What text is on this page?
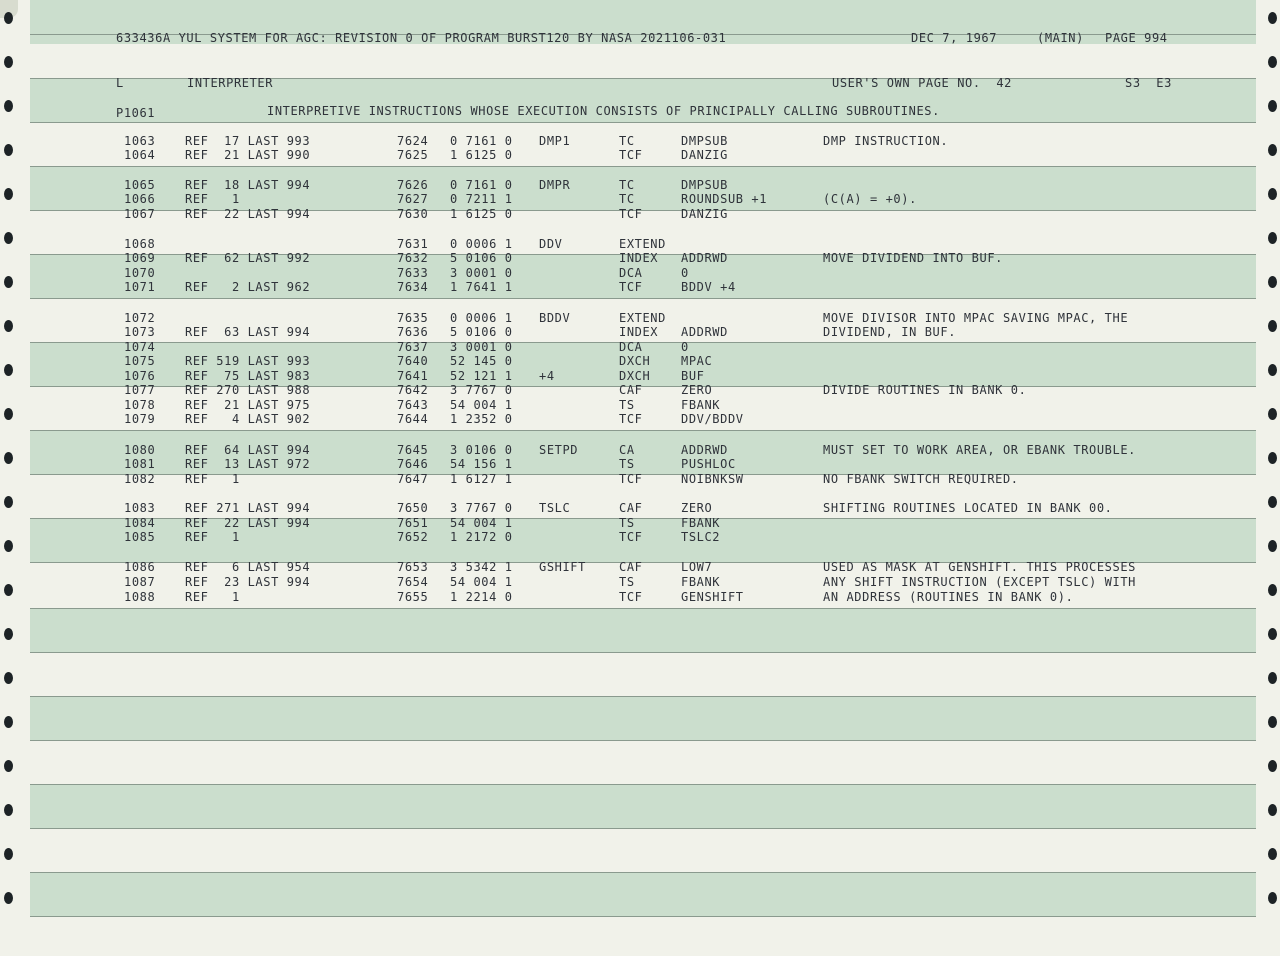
633436A YUL SYSTEM FOR AGC: REVISION 0 OF PROGRAM BURST120 BY NASA 2021106-031	DEC 7, 1967	(MAIN) PAGE 994
L	INTERPRETER	USER'S OWN PAGE NO.  42	S3  E3
P1061	INTERPRETIVE INSTRUCTIONS WHOSE EXECUTION CONSISTS OF PRINCIPALLY CALLING SUBROUTINES.
1063 REF  17 LAST 993	7624 0 7161 0 DMP1	TC	DMPSUB	DMP INSTRUCTION.
1064 REF  21 LAST 990	7625 1 6125 0	TCF	DANZIG
1065 REF  18 LAST 994	7626 0 7161 0 DMPR	TC	DMPSUB
1066 REF   1	7627 0 7211 1	TC	ROUNDSUB +1	(C(A) = +0).
1067 REF  22 LAST 994	7630 1 6125 0	TCF	DANZIG
1068	7631 0 0006 1 DDV	EXTEND
1069 REF  62 LAST 992	7632 5 0106 0	INDEX ADDRWD	MOVE DIVIDEND INTO BUF.
1070	7633 3 0001 0	DCA	0
1071 REF   2 LAST 962	7634 1 7641 1	TCF	BDDV +4
1072	7635 0 0006 1 BDDV	EXTEND	MOVE DIVISOR INTO MPAC SAVING MPAC, THE
1073 REF  63 LAST 994	7636 5 0106 0	INDEX ADDRWD	DIVIDEND, IN BUF.
1074	7637 3 0001 0	DCA	0
1075 REF 519 LAST 993	7640 52 145 0	DXCH	MPAC
1076 REF  75 LAST 983	7641 52 121 1 +4	DXCH	BUF
1077 REF 270 LAST 988	7642 3 7767 0	CAF	ZERO	DIVIDE ROUTINES IN BANK 0.
1078 REF  21 LAST 975	7643 54 004 1	TS	FBANK
1079 REF   4 LAST 902	7644 1 2352 0	TCF	DDV/BDDV
1080 REF  64 LAST 994	7645 3 0106 0 SETPD	CA	ADDRWD	MUST SET TO WORK AREA, OR EBANK TROUBLE.
1081 REF  13 LAST 972	7646 54 156 1	TS	PUSHLOC
1082 REF   1	7647 1 6127 1	TCF	NOIBNKSW	NO FBANK SWITCH REQUIRED.
1083 REF 271 LAST 994	7650 3 7767 0 TSLC	CAF	ZERO	SHIFTING ROUTINES LOCATED IN BANK 00.
1084 REF  22 LAST 994	7651 54 004 1	TS	FBANK
1085 REF   1	7652 1 2172 0	TCF	TSLC2
1086 REF   6 LAST 954	7653 3 5342 1 GSHIFT	CAF	LOW7	USED AS MASK AT GENSHIFT. THIS PROCESSES
1087 REF  23 LAST 994	7654 54 004 1	TS	FBANK	ANY SHIFT INSTRUCTION (EXCEPT TSLC) WITH
1088 REF   1	7655 1 2214 0	TCF	GENSHIFT	AN ADDRESS (ROUTINES IN BANK 0).
